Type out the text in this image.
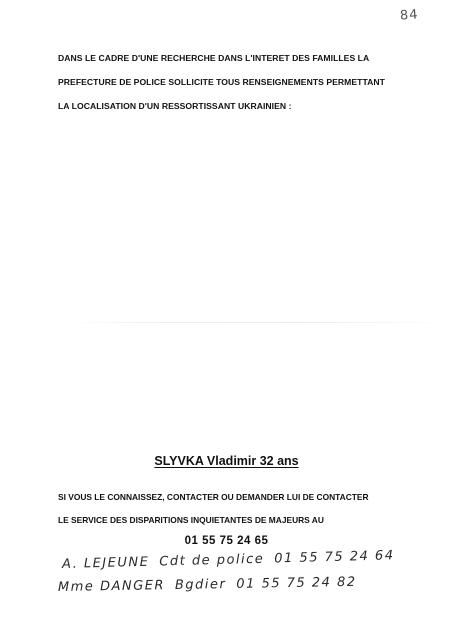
84
DANS LE CADRE D'UNE RECHERCHE DANS L'INTERET DES FAMILLES LA
PREFECTURE DE POLICE SOLLICITE TOUS RENSEIGNEMENTS PERMETTANT
LA LOCALISATION D'UN RESSORTISSANT UKRAINIEN :
SLYVKA Vladimir 32 ans
SI VOUS LE CONNAISSEZ, CONTACTER OU DEMANDER LUI DE CONTACTER
LE SERVICE DES DISPARITIONS INQUIETANTES DE MAJEURS AU
01 55 75 24 65
A. LEJEUNE Cdt de police 01 55 75 24 64
Mme DANGER Bgdier 01 55 75 24 82
